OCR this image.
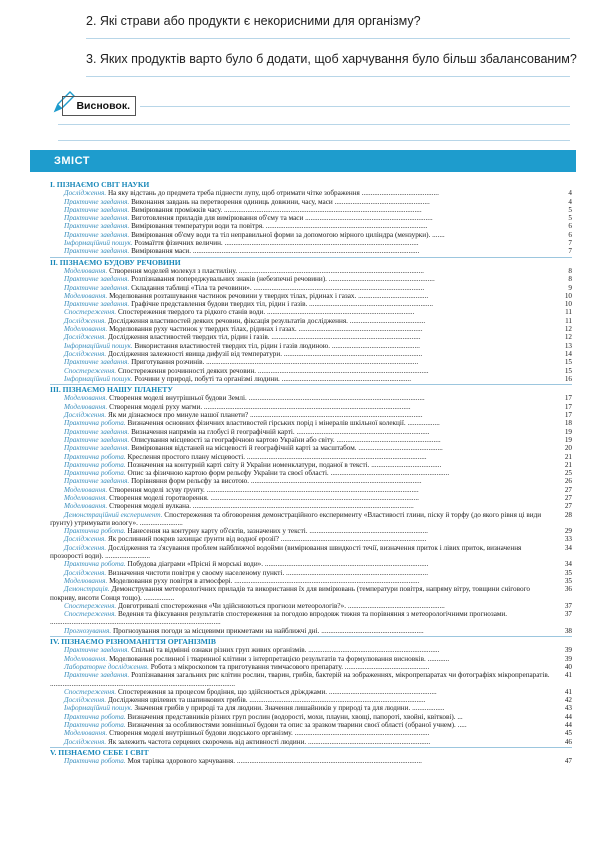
2. Які страви або продукти є некорисними для організму?
3. Яких продуктів варто було б додати, щоб харчування було більш збалансованим?
Висновок.
ЗМІСТ
І. ПІЗНАЄМО СВІТ НАУКИ
Дослідження. На яку відстань до предмета треба піднести лупу, щоб отримати чітке зображення ...........................................	4
Практичне завдання. Виконання завдань на перетворення одиниць довжини, часу, маси .....................................................	4
Практичне завдання. Вимірювання проміжків часу. ..............................................................................................................	5
Практичне завдання. Виготовлення приладів для вимірювання об'єму та маси .......................................................................	5
Практичне завдання. Вимірювання температури води та повітря. ..........................................................................................	6
Практичне завдання. Вимірювання об'єму води та тіл неправильної форми за допомогою мірного циліндра (мензурки). .......	6
Інформаційний пошук. Розмаїття фізичних величин. ............................................................................................................	7
Практичне завдання. Вимірювання маси. ..............................................................................................................................	7
ІІ. ПІЗНАЄМО БУДОВУ РЕЧОВИНИ
Моделювання. Створення моделей молекул з пластиліну. .......................................................................................................	8
Практичне завдання. Розпізнавання попереджувальних знаків (небезпечні речовини). ...........................................................	8
Практичне завдання. Складання таблиці «Тіла та речовини». ...............................................................................................	9
Моделювання. Моделювання розташування частинок речовини у твердих тілах, рідинах і газах. .......................................	10
Практичне завдання. Графічне представлення будови твердих тіл, рідин і газів. .....................................................................	10
Спостереження. Спостереження твердого та рідкого станів води. ..................................................................................	11
Дослідження. Дослідження властивостей деяких речовин, фіксація результатів дослідження. ..........................................	11
Моделювання. Моделювання руху частинок у твердих тілах, рідинах і газах. .....................................................................	12
Дослідження. Дослідження властивостей твердих тіл, рідин і газів. ...................................................................................	12
Інформаційний пошук. Використання властивостей твердих тіл, рідин і газів людиною. .................................................	13
Дослідження. Дослідження залежності явища дифузії від температури. .............................................................................	14
Практичне завдання. Приготування розчинів. ......................................................................................................................	15
Спостереження. Спостереження розчинності деяких речовин. ...............................................................................................	15
Інформаційний пошук. Розчини у природі, побуті та організмі людини. ........................................................................	16
ІІІ. ПІЗНАЄМО НАШУ ПЛАНЕТУ
Моделювання. Створення моделі внутрішньої будови Землі. ..................................................................................................	17
Моделювання. Створення моделі руху магми. ...................................................................................................................	17
Дослідження. Як ми дізнаємося про минуле нашої планети? ................................................................................................	17
Практична робота. Визначення основних фізичних властивостей гірських порід і мінералів шкільної колекції. ..................	18
Практичне завдання. Визначення напрямів на глобусі й географічній карті. ..........................................................................	19
Практичне завдання. Описування місцевості за географічною картою України або світу. ..........................................................	19
Практичне завдання. Вимірювання відстаней на місцевості й географічній карті за масштабом. ...............................................	20
Практична робота. Креслення простого плану місцевості. ....................................................................................................	21
Практична робота. Позначення на контурній карті світу й України номенклатури, поданої в тексті. .......................................	21
Практична робота. Опис за фізичною картою форм рельєфу України та своєї області. ..................................................................	25
Практичне завдання. Порівняння форм рельєфу за висотою. ...............................................................................................	26
Моделювання. Створення моделі зсуву ґрунту. ......................................................................................................................	27
Моделювання. Створення моделі горотворення. ....................................................................................................................	27
Моделювання. Створення моделі вулкана. ...........................................................................................................................	27
Демонстраційний експеримент. Спостереження та обговорення демонстраційного експерименту «Властивості глини, піску й торфу (до якого рівня ці види ґрунту) утримувати вологу». ........................
28
Практична робота. Нанесення на контурну карту об'єктів, зазначених у тексті. ..................................................................	29
Дослідження. Як рослинний покрив захищає ґрунти від водної ерозії? .................................................................................	33
Дослідження. Дослідження та з'ясування проблем найближчої водойми (вимірювання швидкості течії, визначення приток і лівих приток, визначення прозорості води). .........................
34
Практична робота. Побудова діаграми «Прісні й морські води». ...........................................................................................	34
Дослідження. Визначення чистоти повітря у своєму населеному пункті. ...............................................................................	35
Моделювання. Моделювання руху повітря в атмосфері. .......................................................................................................	35
Демонстрація. Демонстрування метеорологічних приладів та використання їх для вимірювань (температури повітря, напряму вітру, товщини снігового покриву, висоти Сонця тощо). .................
36
Спостереження. Довготривалі спостереження «Чи здійснюються прогнози метеорологів?». ......................................................	37
Спостереження. Ведення та фіксування результатів спостереження за погодою впродовж тижня та порівняння з метеорологічними прогнозами. ...............................................................................................
37
Прогнозування. Прогнозування погоди за місцевими прикметами на найближчі дні. .........................................................	38
IV. ПІЗНАЄМО РІЗНОМАНІТТЯ ОРГАНІЗМІВ
Практичне завдання. Спільні та відмінні ознаки різних груп живих організмів. .........................................................................	39
Моделювання. Моделювання рослинної і тваринної клітини з інтерпретацією результатів та формулювання висновків. ............	39
Лабораторне дослідження. Робота з мікроскопом та приготування тимчасового препарату. ...............................................	40
Практичне завдання. Розпізнавання загальних рис клітин рослин, тварин, грибів, бактерій на зображеннях, мікропрепаратах чи фотографіях мікропрепаратів. .......................................................................................................
41
Спостереження. Спостереження за процесом бродіння, що здійснюється дріжджами. ............................................................	41
Дослідження. Дослідження цвілевих та шапинкових грибів. ..................................................................................................	42
Інформаційний пошук. Значення грибів у природі та для людини. Значення лишайників у природі та для людини. ..................	43
Практична робота. Визначення представників різних груп рослин (водорості, мохи, плауни, хвощі, папороті, хвойні, квіткові). ...	44
Практична робота. Визначення за особливостями зовнішньої будови та опис за зразком тварини своєї області (обраної учнем). .....	44
Моделювання. Створення моделі внутрішньої будови людського організму. ...........................................................................	45
Дослідження. Як залежить частота серцевих скорочень від активності людини. ....................................................................	46
V. ПІЗНАЄМО СЕБЕ І СВІТ
Практична робота. Моя тарілка здорового харчування. .......................................................................................................	47
